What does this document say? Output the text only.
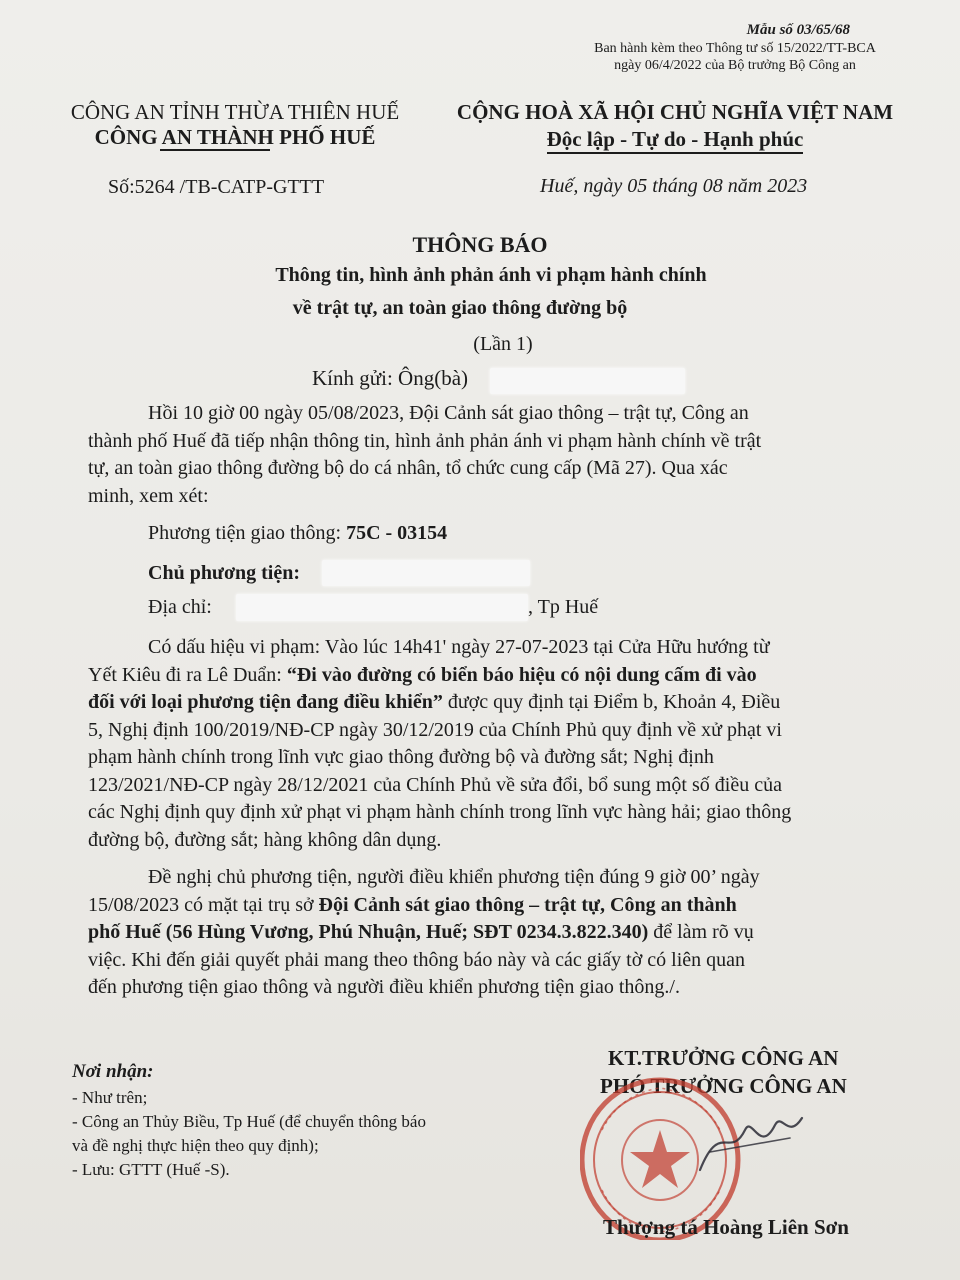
Mẫu số 03/65/68
Ban hành kèm theo Thông tư số 15/2022/TT-BCA
ngày 06/4/2022 của Bộ trưởng Bộ Công an
CÔNG AN TỈNH THỪA THIÊN HUẾ
CÔNG AN THÀNH PHỐ HUẾ
Số:5264 /TB-CATP-GTTT
CỘNG HOÀ XÃ HỘI CHỦ NGHĨA VIỆT NAM
Độc lập - Tự do - Hạnh phúc
Huế, ngày 05 tháng 08 năm 2023
THÔNG BÁO
Thông tin, hình ảnh phản ánh vi phạm hành chính
về trật tự, an toàn giao thông đường bộ
(Lần 1)
Kính gửi: Ông(bà)

Hồi 10 giờ 00 ngày 05/08/2023, Đội Cảnh sát giao thông – trật tự, Công an

thành phố Huế đã tiếp nhận thông tin, hình ảnh phản ánh vi phạm hành chính về trật

tự, an toàn giao thông đường bộ do cá nhân, tổ chức cung cấp (Mã 27). Qua xác

minh, xem xét:

Phương tiện giao thông: 75C - 03154
Chủ phương tiện:
Địa chỉ:	, Tp Huế

Có dấu hiệu vi phạm: Vào lúc 14h41' ngày 27-07-2023 tại Cửa Hữu hướng từ

Yết Kiêu đi ra Lê Duẩn: “Đi vào đường có biển báo hiệu có nội dung cấm đi vào

đối với loại phương tiện đang điều khiển” được quy định tại Điểm b, Khoản 4, Điều

5, Nghị định 100/2019/NĐ-CP ngày 30/12/2019 của Chính Phủ quy định về xử phạt vi

phạm hành chính trong lĩnh vực giao thông đường bộ và đường sắt; Nghị định

123/2021/NĐ-CP ngày 28/12/2021 của Chính Phủ về sửa đổi, bổ sung một số điều của

các Nghị định quy định xử phạt vi phạm hành chính trong lĩnh vực hàng hải; giao thông

đường bộ, đường sắt; hàng không dân dụng.

Đề nghị chủ phương tiện, người điều khiển phương tiện đúng 9 giờ 00’ ngày

15/08/2023 có mặt tại trụ sở Đội Cảnh sát giao thông – trật tự, Công an thành

phố Huế (56 Hùng Vương, Phú Nhuận, Huế; SĐT 0234.3.822.340) để làm rõ vụ

việc. Khi đến giải quyết phải mang theo thông báo này và các giấy tờ có liên quan

đến phương tiện giao thông và người điều khiển phương tiện giao thông./.

Nơi nhận:
- Như trên;
- Công an Thủy Biều, Tp Huế (để chuyển thông báo
và đề nghị thực hiện theo quy định);
- Lưu: GTTT (Huế -S).
KT.TRƯỞNG CÔNG AN
PHÓ TRƯỞNG CÔNG AN
Thượng tá Hoàng Liên Sơn
